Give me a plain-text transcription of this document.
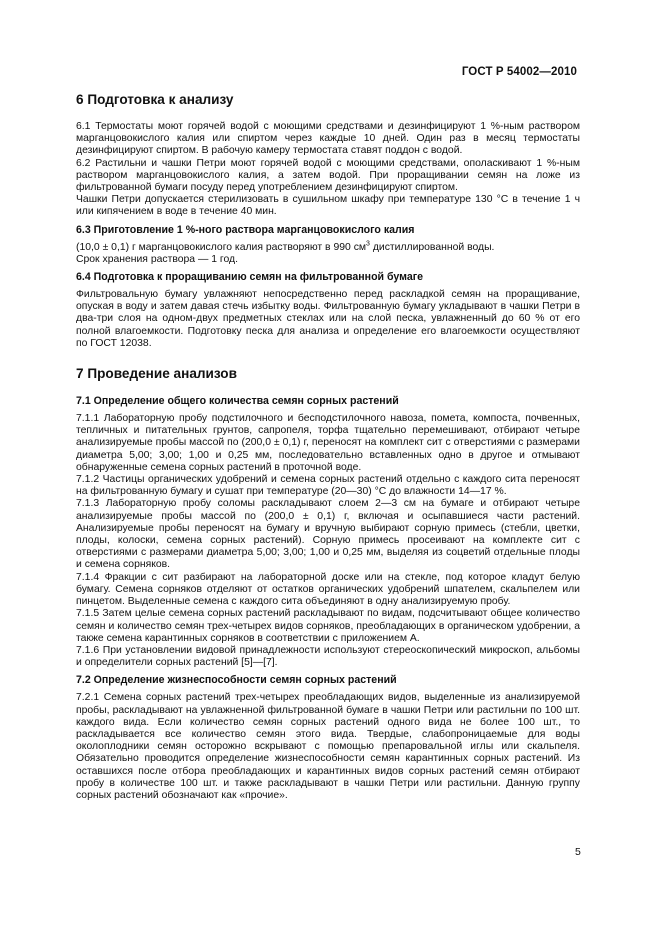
ГОСТ Р 54002—2010
6 Подготовка к анализу

6.1 Термостаты моют горячей водой с моющими средствами и дезинфицируют 1 %-ным раствором марганцовокислого калия или спиртом через каждые 10 дней. Один раз в месяц термостаты дезинфицируют спиртом. В рабочую камеру термостата ставят поддон с водой.

6.2 Растильни и чашки Петри моют горячей водой с моющими средствами, ополаскивают 1 %-ным раствором марганцовокислого калия, а затем водой. При проращивании семян на ложе из фильтрованной бумаги посуду перед употреблением дезинфицируют спиртом.

Чашки Петри допускается стерилизовать в сушильном шкафу при температуре 130 °С в течение 1 ч или кипячением в воде в течение 40 мин.

6.3 Приготовление 1 %-ного раствора марганцовокислого калия

(10,0 ± 0,1) г марганцовокислого калия растворяют в 990 $см^3$ дистиллированной воды.

Срок хранения раствора — 1 год.

6.4 Подготовка к проращиванию семян на фильтрованной бумаге

Фильтровальную бумагу увлажняют непосредственно перед раскладкой семян на проращивание, опуская в воду и затем давая стечь избытку воды. Фильтрованную бумагу укладывают в чашки Петри в два-три слоя на одном-двух предметных стеклах или на слой песка, увлажненный до 60 % от его полной влагоемкости. Подготовку песка для анализа и определение его влагоемкости осуществляют по ГОСТ 12038.

7 Проведение анализов
7.1 Определение общего количества семян сорных растений

7.1.1 Лабораторную пробу подстилочного и бесподстилочного навоза, помета, компоста, почвенных, тепличных и питательных грунтов, сапропеля, торфа тщательно перемешивают, отбирают четыре анализируемые пробы массой по (200,0 ± 0,1) г, переносят на комплект сит с отверстиями с размерами диаметра 5,00; 3,00; 1,00 и 0,25 мм, последовательно вставленных одно в другое и отмывают обнаруженные семена сорных растений в проточной воде.

7.1.2 Частицы органических удобрений и семена сорных растений отдельно с каждого сита переносят на фильтрованную бумагу и сушат при температуре (20—30) °С до влажности 14—17 %.

7.1.3 Лабораторную пробу соломы раскладывают слоем 2—3 см на бумаге и отбирают четыре анализируемые пробы массой по (200,0 ± 0,1) г, включая и осыпавшиеся части растений. Анализируемые пробы переносят на бумагу и вручную выбирают сорную примесь (стебли, цветки, плоды, колоски, семена сорных растений). Сорную примесь просеивают на комплекте сит с отверстиями с размерами диаметра 5,00; 3,00; 1,00 и 0,25 мм, выделяя из соцветий отдельные плоды и семена сорняков.

7.1.4 Фракции с сит разбирают на лабораторной доске или на стекле, под которое кладут белую бумагу. Семена сорняков отделяют от остатков органических удобрений шпателем, скальпелем или пинцетом. Выделенные семена с каждого сита объединяют в одну анализируемую пробу.

7.1.5 Затем целые семена сорных растений раскладывают по видам, подсчитывают общее количество семян и количество семян трех-четырех видов сорняков, преобладающих в органическом удобрении, а также семена карантинных сорняков в соответствии с приложением А.

7.1.6 При установлении видовой принадлежности используют стереоскопический микроскоп, альбомы и определители сорных растений [5]—[7].

7.2 Определение жизнеспособности семян сорных растений

7.2.1 Семена сорных растений трех-четырех преобладающих видов, выделенные из анализируемой пробы, раскладывают на увлажненной фильтрованной бумаге в чашки Петри или растильни по 100 шт. каждого вида. Если количество семян сорных растений одного вида не более 100 шт., то раскладывается все количество семян этого вида. Твердые, слабопроницаемые для воды околоплодники семян осторожно вскрывают с помощью препаровальной иглы или скальпеля. Обязательно проводится определение жизнеспособности семян карантинных сорных растений. Из оставшихся после отбора преобладающих и карантинных видов сорных растений семян отбирают пробу в количестве 100 шт. и также раскладывают в чашки Петри или растильни. Данную группу сорных растений обозначают как «прочие».

5
